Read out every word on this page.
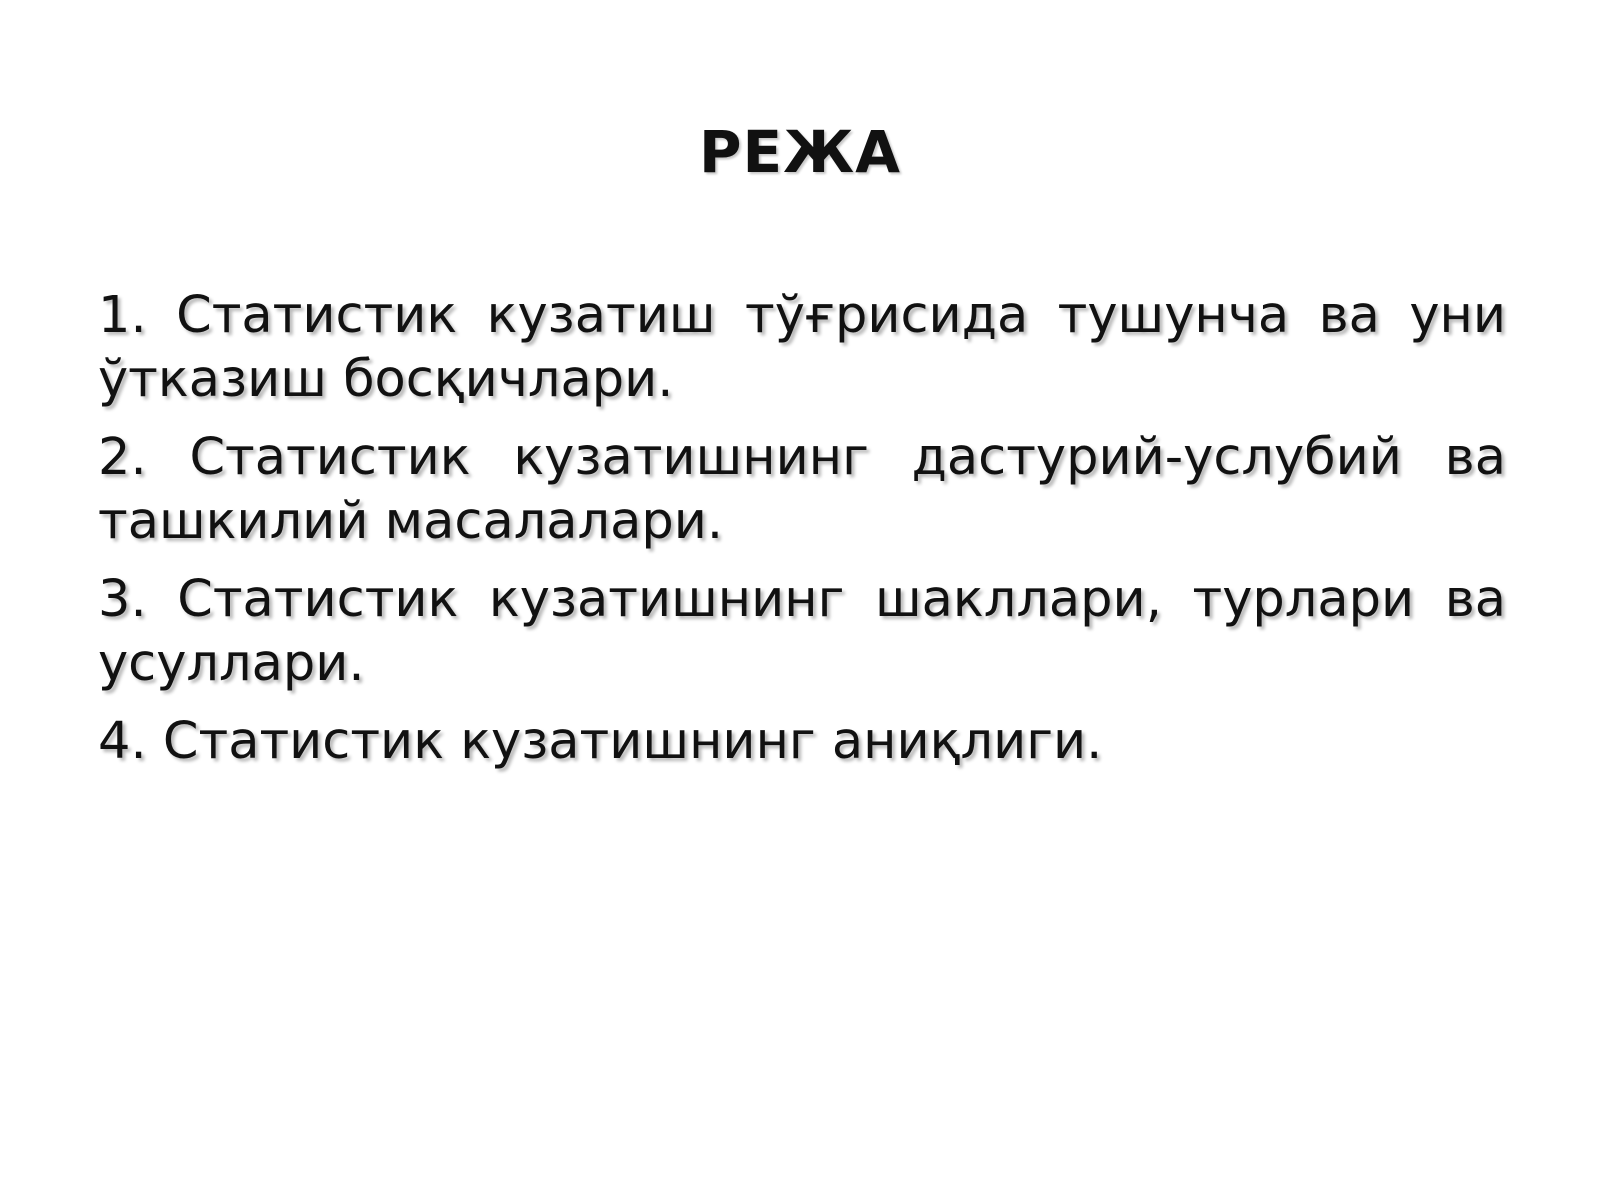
РЕЖА
1. Статистик кузатиш тўғрисида тушунча ва уни ўтказиш босқичлари.
2. Статистик кузатишнинг дастурий-услубий ва ташкилий масалалари.
3. Статистик кузатишнинг шакллари, турлари ва усуллари.
4. Статистик кузатишнинг аниқлиги.
